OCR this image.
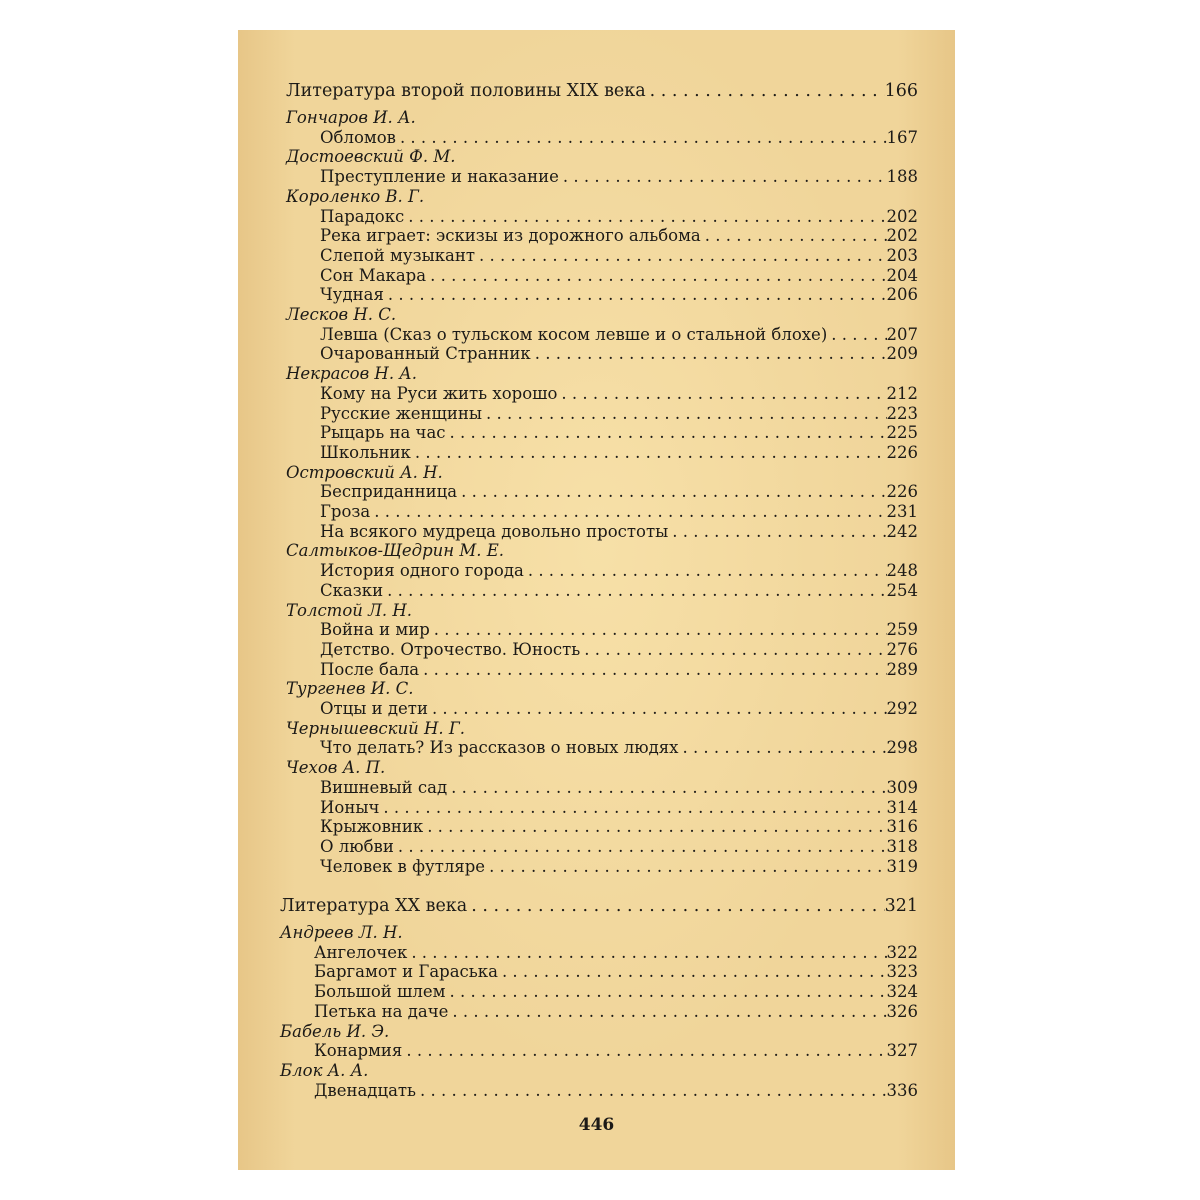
Литература второй половины XIX века . . .	166
Гончаров И. А.
Обломов . . .	167
Достоевский Ф. М.
Преступление и наказание . . .	188
Короленко В. Г.
Парадокс . . .	202
Река играет: эскизы из дорожного альбома . . .	202
Слепой музыкант . . .	203
Сон Макара . . .	204
Чудная . . .	206
Лесков Н. С.
Левша (Сказ о тульском косом левше и о стальной блохе) . . .	207
Очарованный Странник . . .	209
Некрасов Н. А.
Кому на Руси жить хорошо . . .	212
Русские женщины . . .	223
Рыцарь на час . . .	225
Школьник . . .	226
Островский А. Н.
Бесприданница . . .	226
Гроза . . .	231
На всякого мудреца довольно простоты . . .	242
Салтыков-Щедрин М. Е.
История одного города . . .	248
Сказки . . .	254
Толстой Л. Н.
Война и мир . . .	259
Детство. Отрочество. Юность . . .	276
После бала . . .	289
Тургенев И. С.
Отцы и дети . . .	292
Чернышевский Н. Г.
Что делать? Из рассказов о новых людях . . .	298
Чехов А. П.
Вишневый сад . . .	309
Ионыч . . .	314
Крыжовник . . .	316
О любви . . .	318
Человек в футляре . . .	319
Литература XX века . . .	321
Андреев Л. Н.
Ангелочек . . .	322
Баргамот и Гараська . . .	323
Большой шлем . . .	324
Петька на даче . . .	326
Бабель И. Э.
Конармия . . .	327
Блок А. А.
Двенадцать . . .	336
446
